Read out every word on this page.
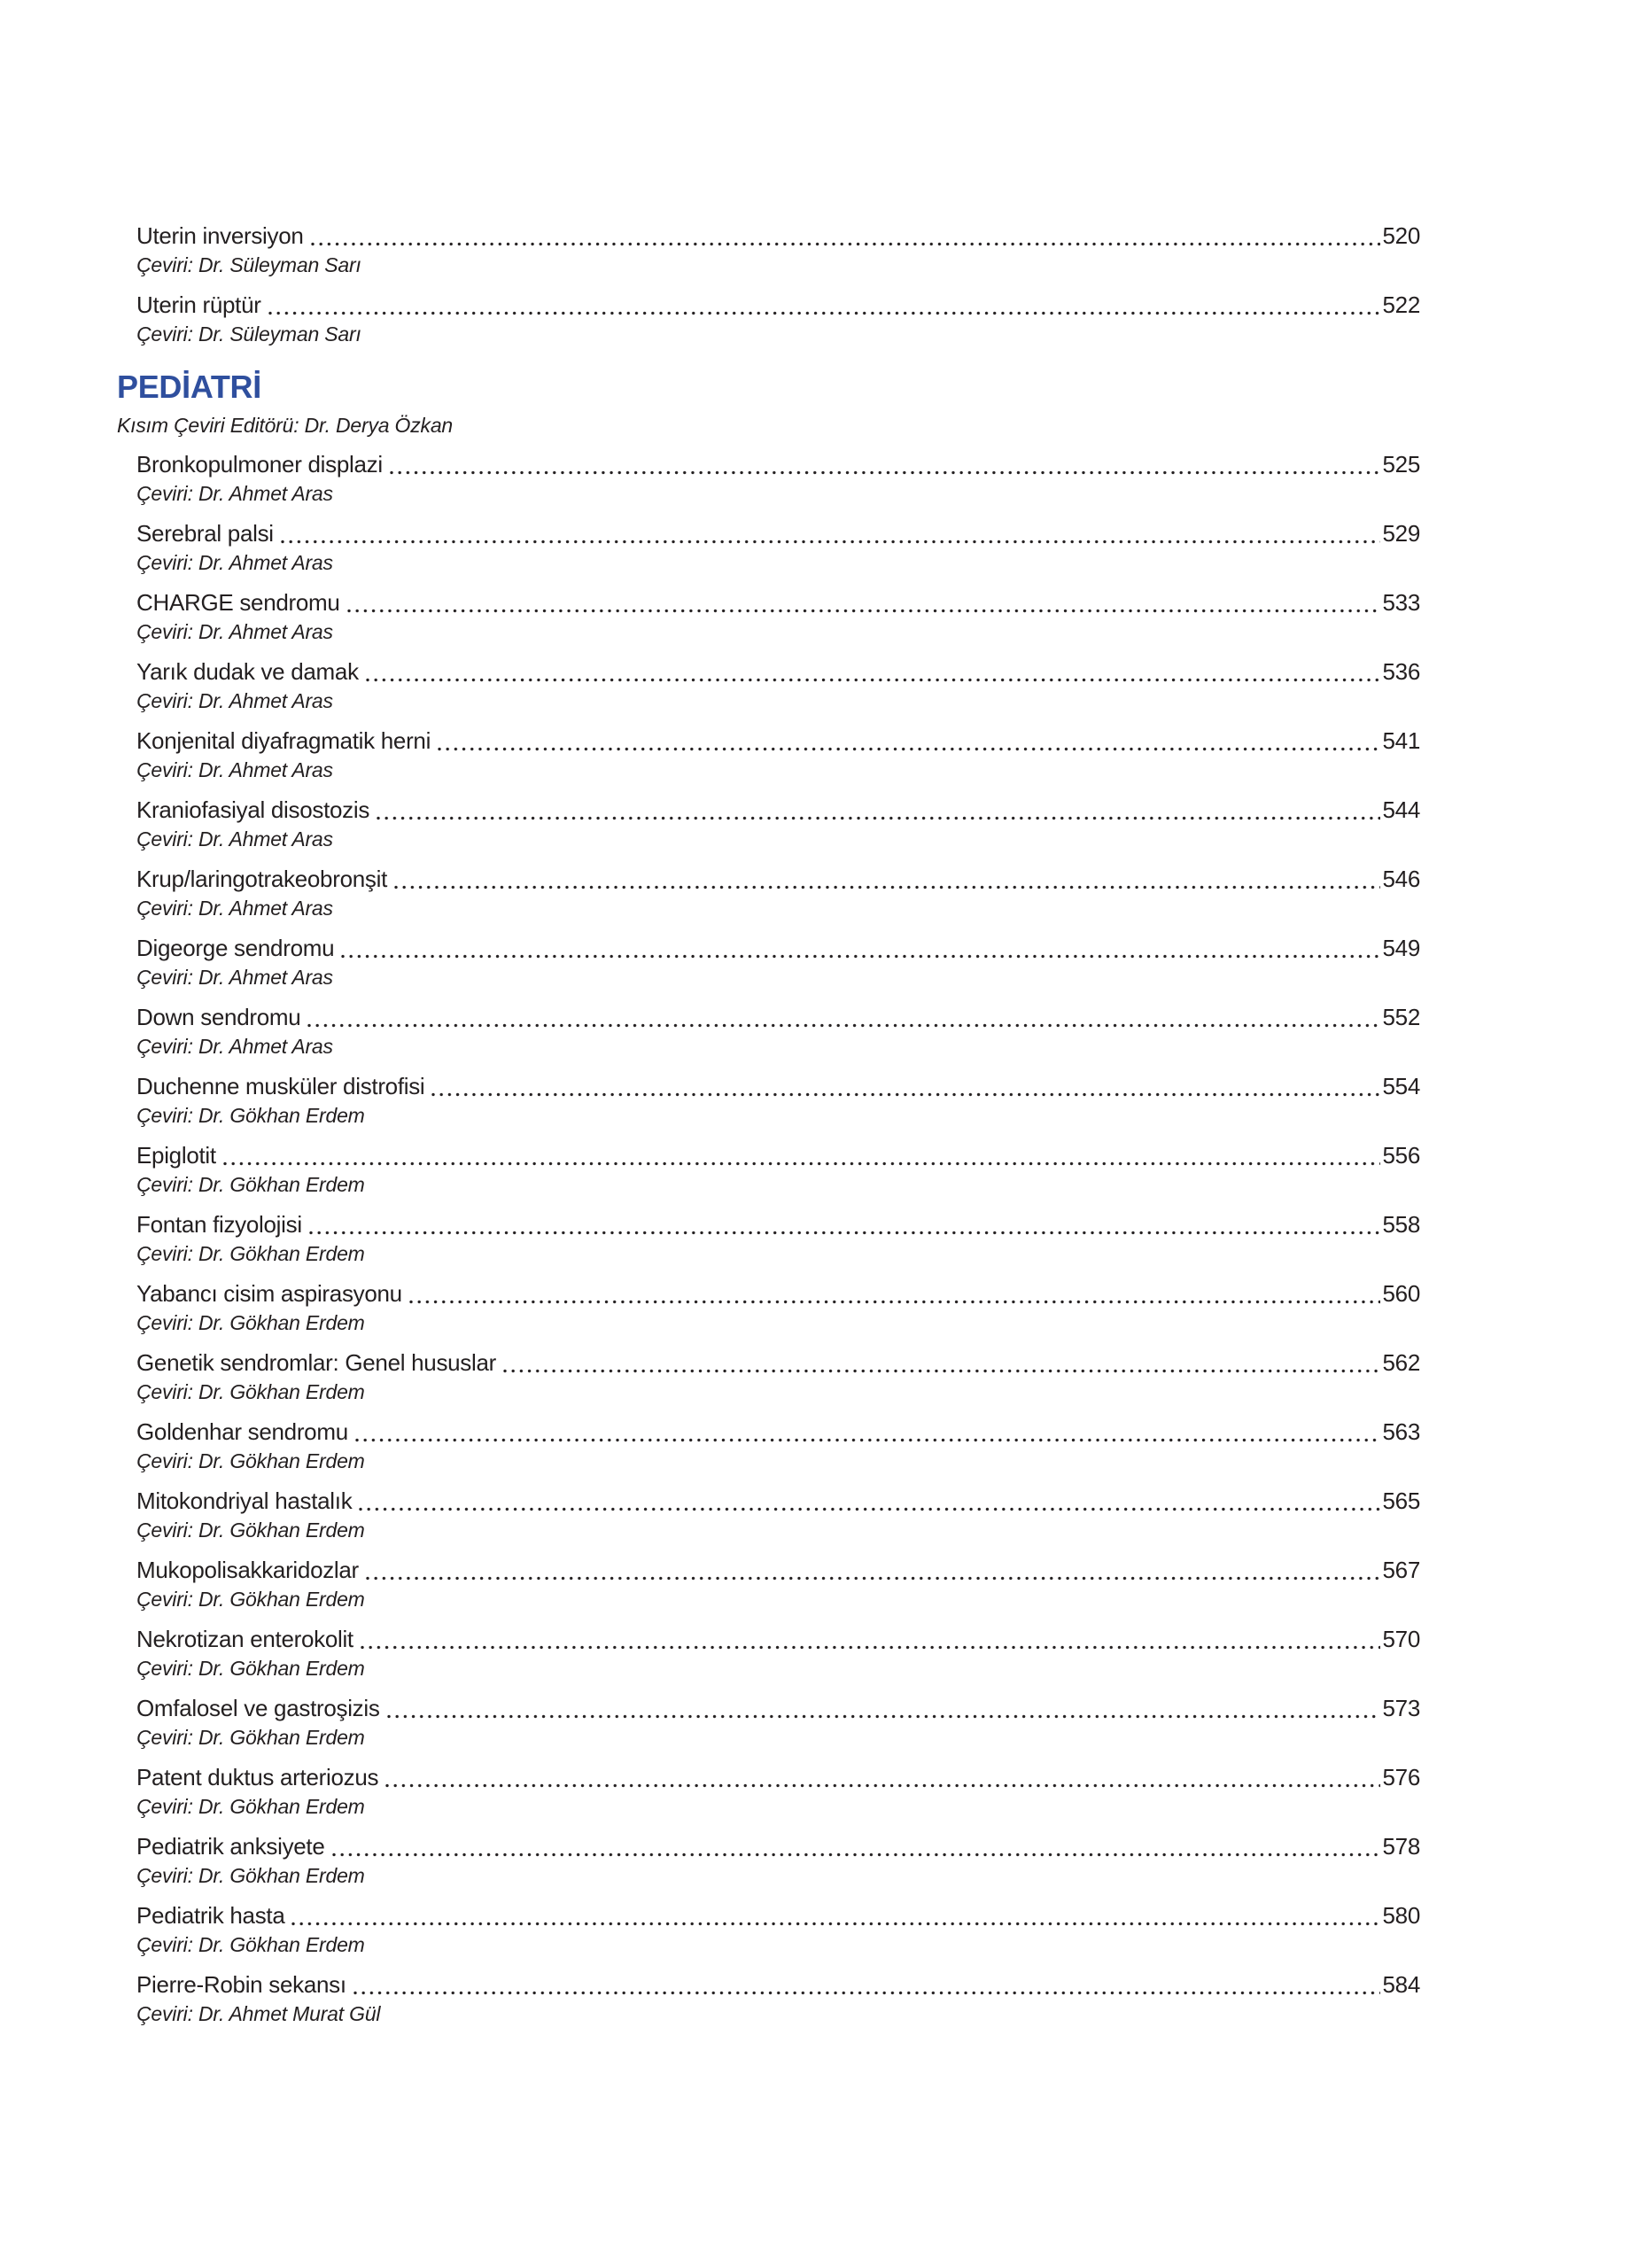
Uterin inversiyon	520
Çeviri: Dr. Süleyman Sarı
Uterin rüptür	522
Çeviri: Dr. Süleyman Sarı
PEDİATRİ
Kısım Çeviri Editörü: Dr. Derya Özkan
Bronkopulmoner displazi	525
Çeviri: Dr. Ahmet Aras
Serebral palsi	529
Çeviri: Dr. Ahmet Aras
CHARGE sendromu	533
Çeviri: Dr. Ahmet Aras
Yarık dudak ve damak	536
Çeviri: Dr. Ahmet Aras
Konjenital diyafragmatik herni	541
Çeviri: Dr. Ahmet Aras
Kraniofasiyal disostozis	544
Çeviri: Dr. Ahmet Aras
Krup/laringotrakeobronşit	546
Çeviri: Dr. Ahmet Aras
Digeorge sendromu	549
Çeviri: Dr. Ahmet Aras
Down sendromu	552
Çeviri: Dr. Ahmet Aras
Duchenne musküler distrofisi	554
Çeviri: Dr. Gökhan Erdem
Epiglotit	556
Çeviri: Dr. Gökhan Erdem
Fontan fizyolojisi	558
Çeviri: Dr. Gökhan Erdem
Yabancı cisim aspirasyonu	560
Çeviri: Dr. Gökhan Erdem
Genetik sendromlar: Genel hususlar	562
Çeviri: Dr. Gökhan Erdem
Goldenhar sendromu	563
Çeviri: Dr. Gökhan Erdem
Mitokondriyal hastalık	565
Çeviri: Dr. Gökhan Erdem
Mukopolisakkaridozlar	567
Çeviri: Dr. Gökhan Erdem
Nekrotizan enterokolit	570
Çeviri: Dr. Gökhan Erdem
Omfalosel ve gastroşizis	573
Çeviri: Dr. Gökhan Erdem
Patent duktus arteriozus	576
Çeviri: Dr. Gökhan Erdem
Pediatrik anksiyete	578
Çeviri: Dr. Gökhan Erdem
Pediatrik hasta	580
Çeviri: Dr. Gökhan Erdem
Pierre-Robin sekansı	584
Çeviri: Dr. Ahmet Murat Gül
